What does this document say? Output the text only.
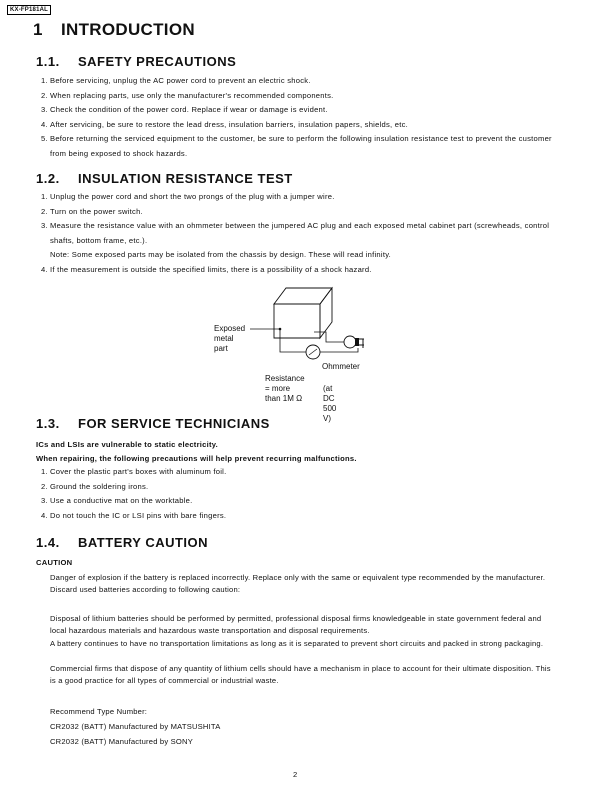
KX-FP181AL
1 INTRODUCTION
1.1. SAFETY PRECAUTIONS
1. Before servicing, unplug the AC power cord to prevent an electric shock.
2. When replacing parts, use only the manufacturer's recommended components.
3. Check the condition of the power cord. Replace if wear or damage is evident.
4. After servicing, be sure to restore the lead dress, insulation barriers, insulation papers, shields, etc.
5. Before returning the serviced equipment to the customer, be sure to perform the following insulation resistance test to prevent the customer from being exposed to shock hazards.
1.2. INSULATION RESISTANCE TEST
1. Unplug the power cord and short the two prongs of the plug with a jumper wire.
2. Turn on the power switch.
3. Measure the resistance value with an ohmmeter between the jumpered AC plug and each exposed metal cabinet part (screwheads, control shafts, bottom frame, etc.).
Note: Some exposed parts may be isolated from the chassis by design. These will read infinity.
4. If the measurement is outside the specified limits, there is a possibility of a shock hazard.
Exposed
metal
part
Ohmmeter
Resistance = more than 1M Ω
(at DC 500 V)
1.3. FOR SERVICE TECHNICIANS
ICs and LSIs are vulnerable to static electricity.
When repairing, the following precautions will help prevent recurring malfunctions.
1. Cover the plastic part's boxes with aluminum foil.
2. Ground the soldering irons.
3. Use a conductive mat on the worktable.
4. Do not touch the IC or LSI pins with bare fingers.
1.4. BATTERY CAUTION
CAUTION

Danger of explosion if the battery is replaced incorrectly. Replace only with the same or equivalent type recommended by the manufacturer. Discard used batteries according to following caution:

Disposal of lithium batteries should be performed by permitted, professional disposal firms knowledgeable in state government federal and local hazardous materials and hazardous waste transportation and disposal requirements.

A battery continues to have no transportation limitations as long as it is separated to prevent short circuits and packed in strong packaging.

Commercial firms that dispose of any quantity of lithium cells should have a mechanism in place to account for their ultimate disposition. This is a good practice for all types of commercial or industrial waste.

Recommend Type Number:

CR2032 (BATT) Manufactured by MATSUSHITA

CR2032 (BATT) Manufactured by SONY

2
